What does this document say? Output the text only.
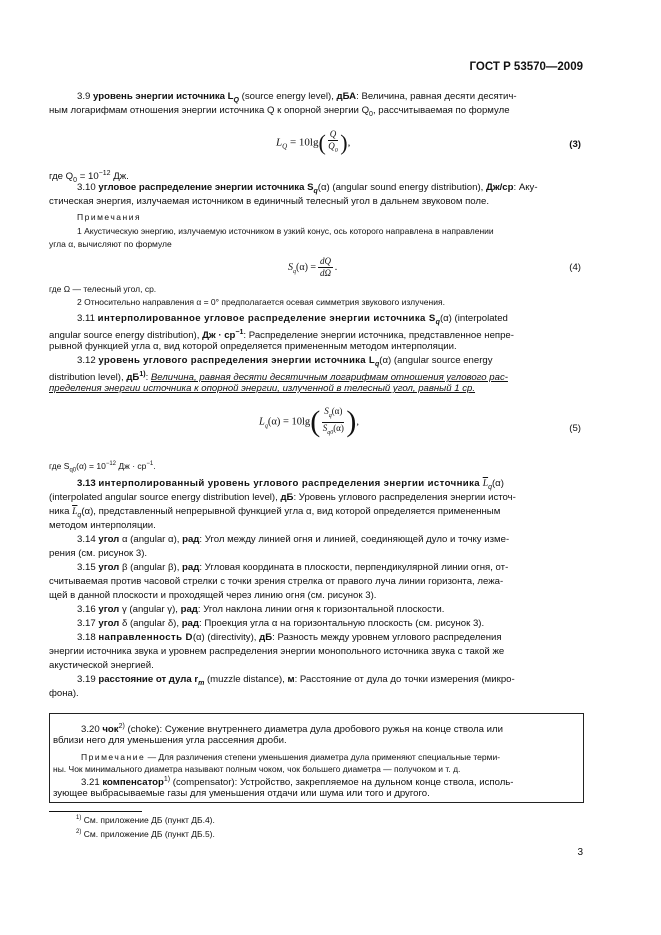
ГОСТ Р 53570—2009
3.9 уровень энергии источника $L_Q$ (source energy level), дБА: Величина, равная десяти десятич-
ным логарифмам отношения энергии источника Q к опорной энергии $Q_0$, рассчитываемая по формуле
$L_Q = 10\lg( \frac{Q}{Q_0}$ ),	(3)
где $Q_0 = 10^{-12}$ Дж.
3.10 угловое распределение энергии источника $S_q(\alpha)$ (angular sound energy distribution), Дж/ср: Аку-
стическая энергия, излучаемая источником в единичный телесный угол в дальнем звуковом поле.
Примечания
1 Акустическую энергию, излучаемую источником в узкий конус, ось которого направлена в направлении
угла α, вычисляют по формуле
$S_q(\alpha) = \frac{dQ}{d\Omega}$ .	(4)
где Ω — телесный угол, ср.
2 Относительно направления α = 0° предполагается осевая симметрия звукового излучения.
3.11 интерполированное угловое распределение энергии источника $S_q(\alpha)$ (interpolated
angular source energy distribution), Дж · $ср^{-1}$: Распределение энергии источника, представленное непре-
рывной функцией угла α, вид которой определяется примененным методом интерполяции.
3.12 уровень углового распределения энергии источника $L_q(\alpha)$ (angular source energy
distribution level), $дБ^{1)}$: Величина, равная десяти десятичным логарифмам отношения углового рас-
пределения энергии источника к опорной энергии, излученной в телесный угол, равный 1 ср.
$L_q(\alpha) = 10\lg( \frac{S_q(\alpha)}{S_{q0}(\alpha)}$ ),
(5)
где $S_{q0}(\alpha) = 10^{-12}$ Дж · $ср^{-1}$.
3.13 интерполированный уровень углового распределения энергии источника $\overline{L}_q(\alpha)$
(interpolated angular source energy distribution level), дБ: Уровень углового распределения энергии источ-
ника $\overline{L}_q(\alpha)$, представленный непрерывной функцией угла α, вид которой определяется примененным
методом интерполяции.
3.14 угол α (angular α), рад: Угол между линией огня и линией, соединяющей дуло и точку изме-
рения (см. рисунок 3).
3.15 угол β (angular β), рад: Угловая координата в плоскости, перпендикулярной линии огня, от-
считываемая против часовой стрелки с точки зрения стрелка от правого луча линии горизонта, лежа-
щей в данной плоскости и проходящей через линию огня (см. рисунок 3).
3.16 угол γ (angular γ), рад: Угол наклона линии огня к горизонтальной плоскости.
3.17 угол δ (angular δ), рад: Проекция угла α на горизонтальную плоскость (см. рисунок 3).
3.18 направленность D(α) (directivity), дБ: Разность между уровнем углового распределения
энергии источника звука и уровнем распределения энергии монопольного источника звука с такой же
акустической энергией.
3.19 расстояние от дула $r_m$ (muzzle distance), м: Расстояние от дула до точки измерения (микро-
фона).
3.20 чок$^{2)}$ (choke): Сужение внутреннего диаметра дула дробового ружья на конце ствола или
вблизи него для уменьшения угла рассеяния дроби.
Примечание — Для различения степени уменьшения диаметра дула применяют специальные терми-
ны. Чок минимального диаметра называют полным чоком, чок большего диаметра — получоком и т. д.
3.21 компенсатор$^{1)}$ (compensator): Устройство, закрепляемое на дульном конце ствола, исполь-
зующее выбрасываемые газы для уменьшения отдачи или шума или того и другого.
$^{1)}$ См. приложение ДБ (пункт ДБ.4).
$^{2)}$ См. приложение ДБ (пункт ДБ.5).
3
